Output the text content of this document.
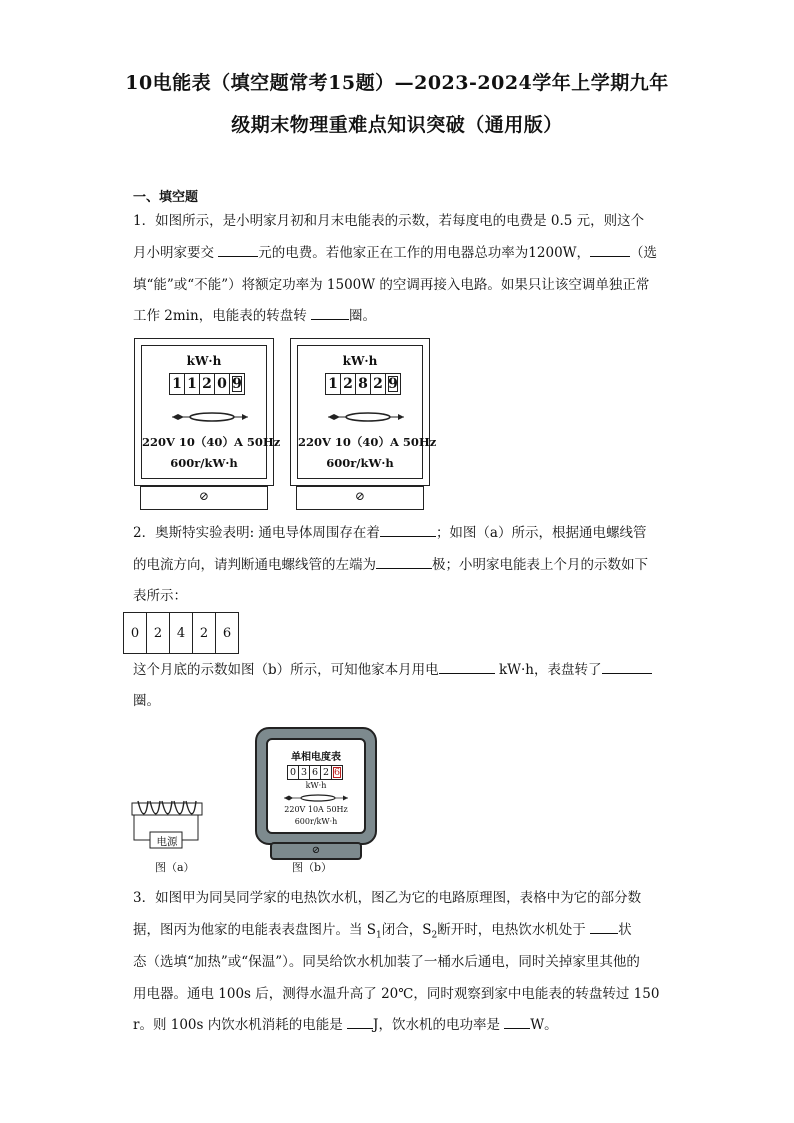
10电能表（填空题常考15题）—2023-2024学年上学期九年
级期末物理重难点知识突破（通用版）
一、填空题
1．如图所示，是小明家月初和月末电能表的示数，若每度电的电费是 0.5 元，则这个
月小明家要交	元的电费。若他家正在工作的用电器总功率为1200W，	（选
填“能”或“不能”）将额定功率为 1500W 的空调再接入电路。如果只让该空调单独正常
工作 2min，电能表的转盘转	圈。
kW·h
1 1 2 0 9
220V 10（40）A 50Hz
600r/kW·h
⊘
kW·h
1 2 8 2 9
220V 10（40）A 50Hz
600r/kW·h
⊘
2．奥斯特实验表明: 通电导体周围存在着	；如图（a）所示，根据通电螺线管
的电流方向，请判断通电螺线管的左端为	极；小明家电能表上个月的示数如下
表所示：
0	2	4	2	6
这个月底的示数如图（b）所示，可知他家本月用电	kW·h，表盘转了
圈。
电源
图（a）
单相电度表
0 3 6 2 6
kW·h
220V 10A 50Hz
600r/kW·h
⊘
图（b）
3．如图甲为同昊同学家的电热饮水机，图乙为它的电路原理图，表格中为它的部分数
据，图丙为他家的电能表表盘图片。当 $S_1$闭合，$S_2$断开时，电热饮水机处于 状
态（选填“加热”或“保温”）。同昊给饮水机加装了一桶水后通电，同时关掉家里其他的
用电器。通电 100s 后，测得水温升高了 20℃，同时观察到家中电能表的转盘转过 150
r。则 100s 内饮水机消耗的电能是 J，饮水机的电功率是 W。
